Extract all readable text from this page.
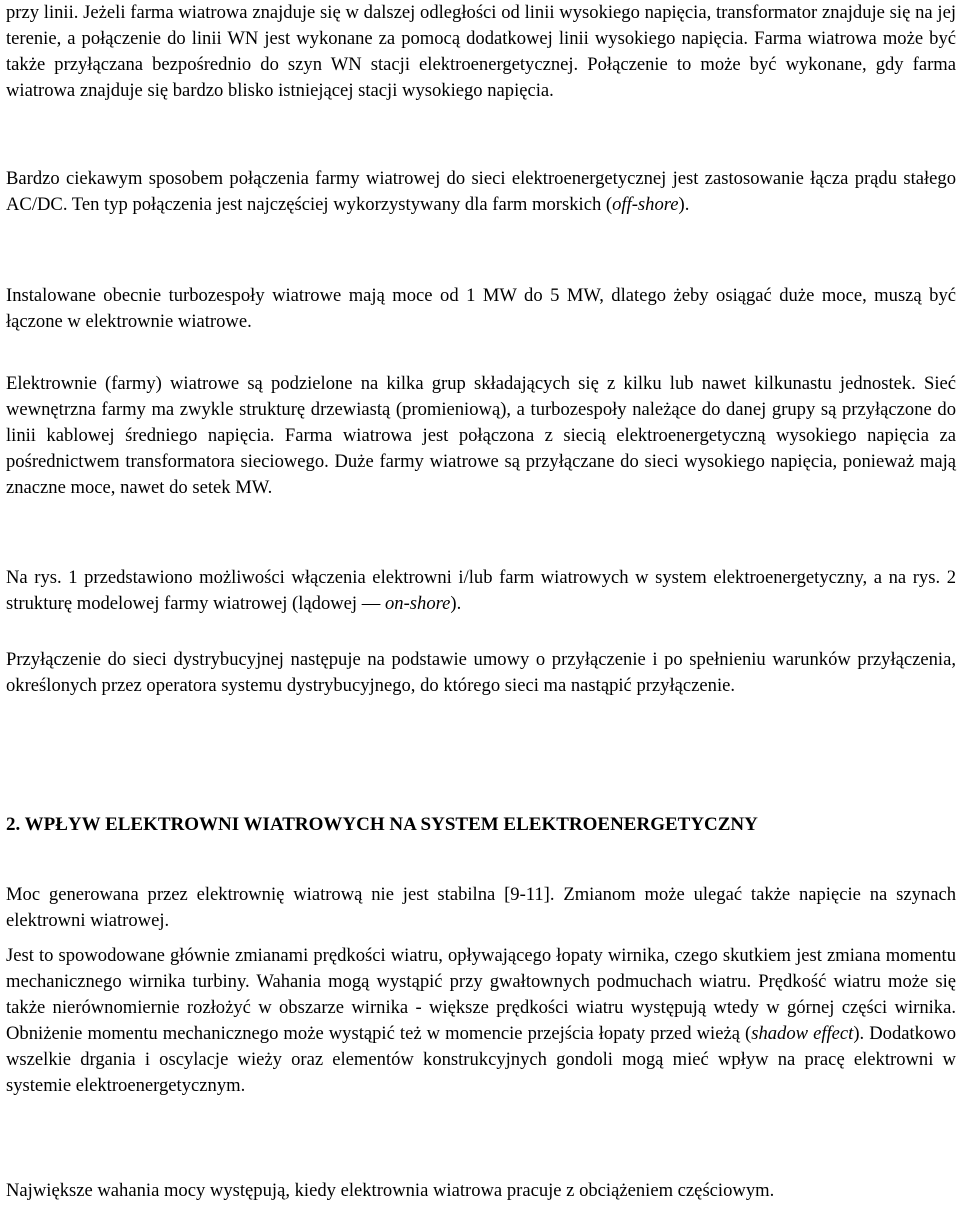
przy linii. Jeżeli farma wiatrowa znajduje się w dalszej odległości od linii wysokiego napięcia, transformator znajduje się na jej terenie, a połączenie do linii WN jest wykonane za pomocą dodatkowej linii wysokiego napięcia. Farma wiatrowa może być także przyłączana bezpośrednio do szyn WN stacji elektroenergetycznej. Połączenie to może być wykonane, gdy farma wiatrowa znajduje się bardzo blisko istniejącej stacji wysokiego napięcia.

Bardzo ciekawym sposobem połączenia farmy wiatrowej do sieci elektroenergetycznej jest zastosowanie łącza prądu stałego AC/DC. Ten typ połączenia jest najczęściej wykorzystywany dla farm morskich (off-shore).

Instalowane obecnie turbozespoły wiatrowe mają moce od 1 MW do 5 MW, dlatego żeby osiągać duże moce, muszą być łączone w elektrownie wiatrowe.

Elektrownie (farmy) wiatrowe są podzielone na kilka grup składających się z kilku lub nawet kilkunastu jednostek. Sieć wewnętrzna farmy ma zwykle strukturę drzewiastą (promieniową), a turbozespoły należące do danej grupy są przyłączone do linii kablowej średniego napięcia. Farma wiatrowa jest połączona z siecią elektroenergetyczną wysokiego napięcia za pośrednictwem transformatora sieciowego. Duże farmy wiatrowe są przyłączane do sieci wysokiego napięcia, ponieważ mają znaczne moce, nawet do setek MW.

Na rys. 1 przedstawiono możliwości włączenia elektrowni i/lub farm wiatrowych w system elektroenergetyczny, a na rys. 2 strukturę modelowej farmy wiatrowej (lądowej — on-shore).

Przyłączenie do sieci dystrybucyjnej następuje na podstawie umowy o przyłączenie i po spełnieniu warunków przyłączenia, określonych przez operatora systemu dystrybucyjnego, do którego sieci ma nastąpić przyłączenie.

2. WPŁYW ELEKTROWNI WIATROWYCH NA SYSTEM ELEKTROENERGETYCZNY

Moc generowana przez elektrownię wiatrową nie jest stabilna [9-11]. Zmianom może ulegać także napięcie na szynach elektrowni wiatrowej.

Jest to spowodowane głównie zmianami prędkości wiatru, opływającego łopaty wirnika, czego skutkiem jest zmiana momentu mechanicznego wirnika turbiny. Wahania mogą wystąpić przy gwałtownych podmuchach wiatru. Prędkość wiatru może się także nierównomiernie rozłożyć w obszarze wirnika - większe prędkości wiatru występują wtedy w górnej części wirnika. Obniżenie momentu mechanicznego może wystąpić też w momencie przejścia łopaty przed wieżą (shadow effect). Dodatkowo wszelkie drgania i oscylacje wieży oraz elementów konstrukcyjnych gondoli mogą mieć wpływ na pracę elektrowni w systemie elektroenergetycznym.

Największe wahania mocy występują, kiedy elektrownia wiatrowa pracuje z obciążeniem częściowym.
